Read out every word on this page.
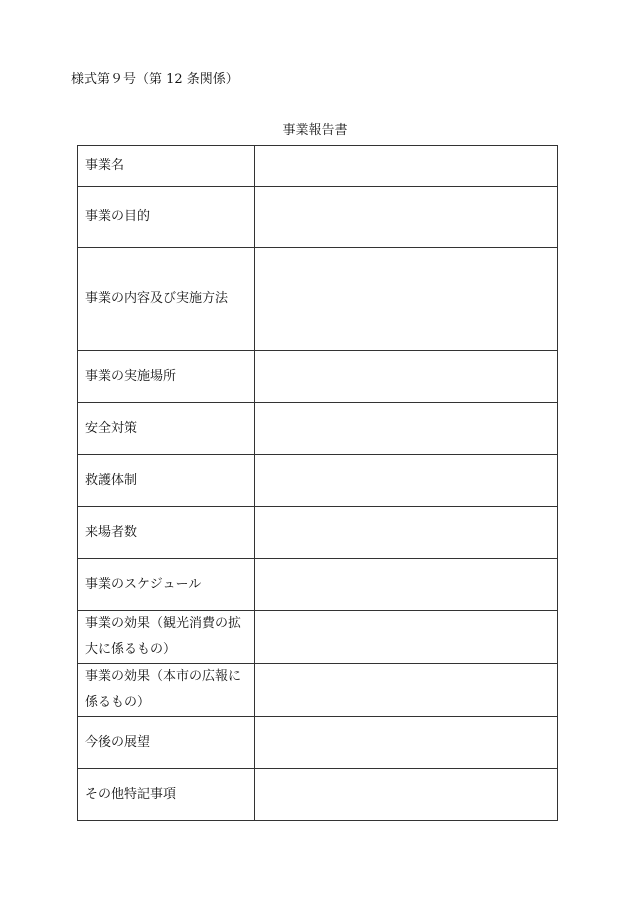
様式第９号（第 12 条関係）
事業報告書
事業名	
事業の目的	
事業の内容及び実施方法	
事業の実施場所	
安全対策	
救護体制	
来場者数	
事業のスケジュール	
事業の効果（観光消費の拡大に係るもの）	
事業の効果（本市の広報に係るもの）	
今後の展望	
その他特記事項	
